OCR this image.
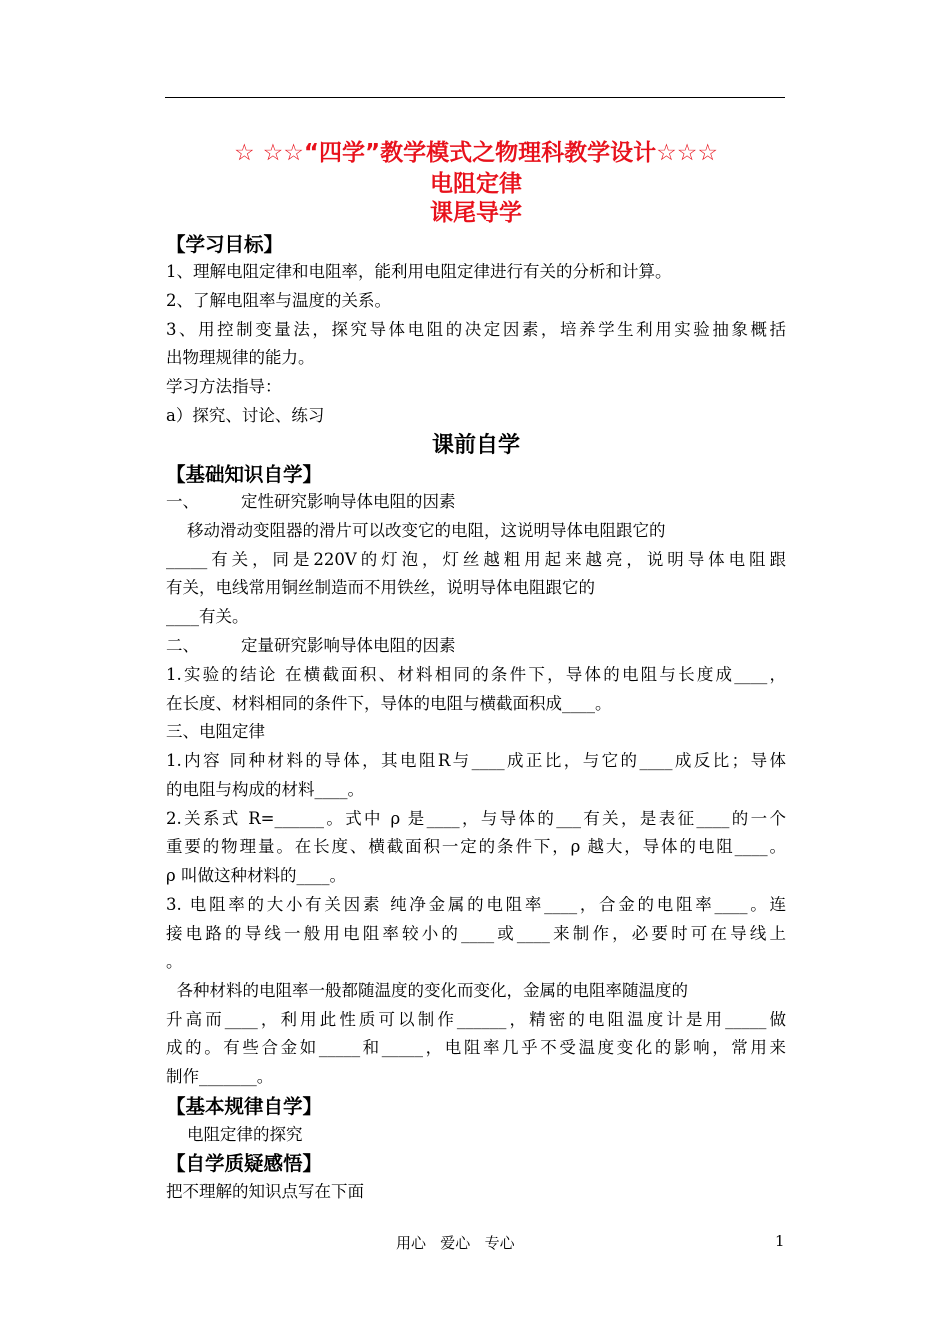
☆ ☆☆“四学”教学模式之物理科教学设计☆☆☆
电阻定律
课尾导学
【学习目标】
1、理解电阻定律和电阻率，能利用电阻定律进行有关的分析和计算。
2、了解电阻率与温度的关系。
3、用控制变量法，探究导体电阻的决定因素，培养学生利用实验抽象概括
出物理规律的能力。
学习方法指导：
a）探究、讨论、练习
课前自学
【基础知识自学】
一、        定性研究影响导体电阻的因素
移动滑动变阻器的滑片可以改变它的电阻，这说明导体电阻跟它的
_____有关，同是220V的灯泡，灯丝越粗用起来越亮，说明导体电阻跟
有关，电线常用铜丝制造而不用铁丝，说明导体电阻跟它的
____有关。
二、        定量研究影响导体电阻的因素
1.实验的结论 在横截面积、材料相同的条件下，导体的电阻与长度成____，
在长度、材料相同的条件下，导体的电阻与横截面积成____。
三、电阻定律
1.内容 同种材料的导体，其电阻R与____成正比，与它的____成反比；导体
的电阻与构成的材料____。
2.关系式 R=______。式中 ρ 是____，与导体的___有关，是表征____的一个
重要的物理量。在长度、横截面积一定的条件下，ρ 越大，导体的电阻____。
ρ 叫做这种材料的____。
3. 电阻率的大小有关因素 纯净金属的电阻率____，合金的电阻率____。连
接电路的导线一般用电阻率较小的____或____来制作，必要时可在导线上
。
各种材料的电阻率一般都随温度的变化而变化，金属的电阻率随温度的
升高而____，利用此性质可以制作______，精密的电阻温度计是用_____做
成的。有些合金如_____和_____，电阻率几乎不受温度变化的影响，常用来
制作_______。
【基本规律自学】
电阻定律的探究
【自学质疑感悟】
把不理解的知识点写在下面
用心   爱心   专心	1
